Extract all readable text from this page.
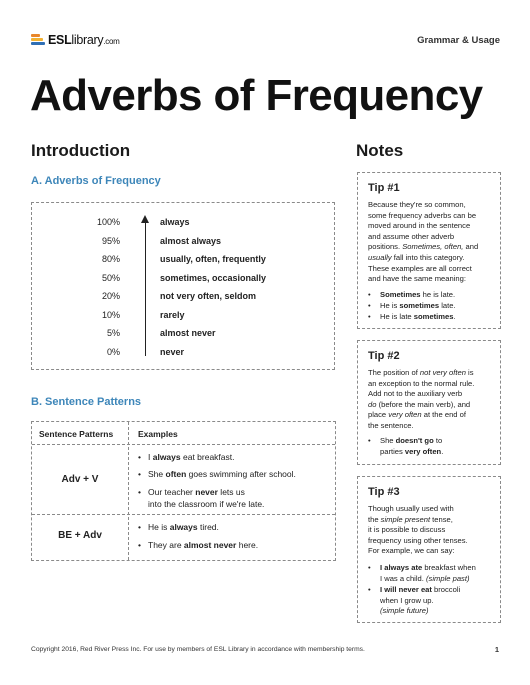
ESLlibrary.com	Grammar & Usage
Adverbs of Frequency
Introduction
A. Adverbs of Frequency
100%	always
95%	almost always
80%	usually, often, frequently
50%	sometimes, occasionally
20%	not very often, seldom
10%	rarely
5%	almost never
0%	never
B. Sentence Patterns
Sentence Patterns	Examples
Adv + V
• I always eat breakfast.
• She often goes swimming after school.
• Our teacher never lets us
into the classroom if we're late.
BE + Adv
• He is always tired.
• They are almost never here.
Notes
Tip #1
Because they're so common,
some frequency adverbs can be
moved around in the sentence
and assume other adverb
positions. Sometimes, often, and
usually fall into this category.
These examples are all correct
and have the same meaning:
• Sometimes he is late.
• He is sometimes late.
• He is late sometimes.
Tip #2
The position of not very often is
an exception to the normal rule.
Add not to the auxiliary verb
do (before the main verb), and
place very often at the end of
the sentence.
• She doesn't go to
parties very often.
Tip #3
Though usually used with
the simple present tense,
it is possible to discuss
frequency using other tenses.
For example, we can say:
• I always ate breakfast when
I was a child. (simple past)
• I will never eat broccoli
when I grow up.
(simple future)
Copyright 2016, Red River Press Inc. For use by members of ESL Library in accordance with membership terms.	1
